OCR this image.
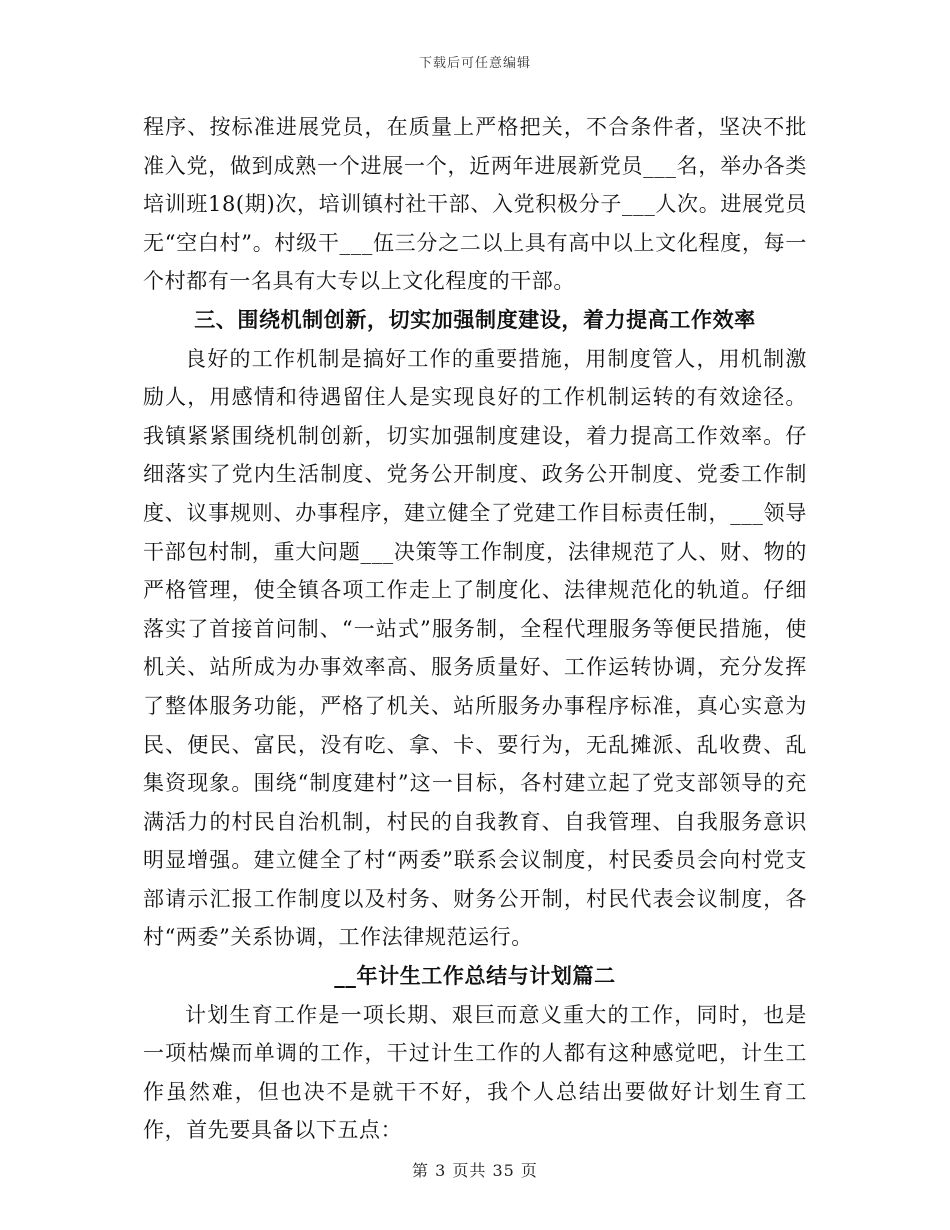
下载后可任意编辑

程序、按标准进展党员，在质量上严格把关，不合条件者，坚决不批准入党，做到成熟一个进展一个，近两年进展新党员___名，举办各类培训班18(期)次，培训镇村社干部、入党积极分子___人次。进展党员无“空白村”。村级干___伍三分之二以上具有高中以上文化程度，每一个村都有一名具有大专以上文化程度的干部。

三、围绕机制创新，切实加强制度建设，着力提高工作效率

良好的工作机制是搞好工作的重要措施，用制度管人，用机制激励人，用感情和待遇留住人是实现良好的工作机制运转的有效途径。我镇紧紧围绕机制创新，切实加强制度建设，着力提高工作效率。仔细落实了党内生活制度、党务公开制度、政务公开制度、党委工作制度、议事规则、办事程序，建立健全了党建工作目标责任制，___领导干部包村制，重大问题___决策等工作制度，法律规范了人、财、物的严格管理，使全镇各项工作走上了制度化、法律规范化的轨道。仔细落实了首接首问制、“一站式”服务制，全程代理服务等便民措施，使机关、站所成为办事效率高、服务质量好、工作运转协调，充分发挥了整体服务功能，严格了机关、站所服务办事程序标准，真心实意为民、便民、富民，没有吃、拿、卡、要行为，无乱摊派、乱收费、乱集资现象。围绕“制度建村”这一目标，各村建立起了党支部领导的充满活力的村民自治机制，村民的自我教育、自我管理、自我服务意识明显增强。建立健全了村“两委”联系会议制度，村民委员会向村党支部请示汇报工作制度以及村务、财务公开制，村民代表会议制度，各村“两委”关系协调，工作法律规范运行。

__年计生工作总结与计划篇二

计划生育工作是一项长期、艰巨而意义重大的工作，同时，也是一项枯燥而单调的工作，干过计生工作的人都有这种感觉吧，计生工作虽然难，但也决不是就干不好，我个人总结出要做好计划生育工作，首先要具备以下五点：

第 3 页共 35 页
